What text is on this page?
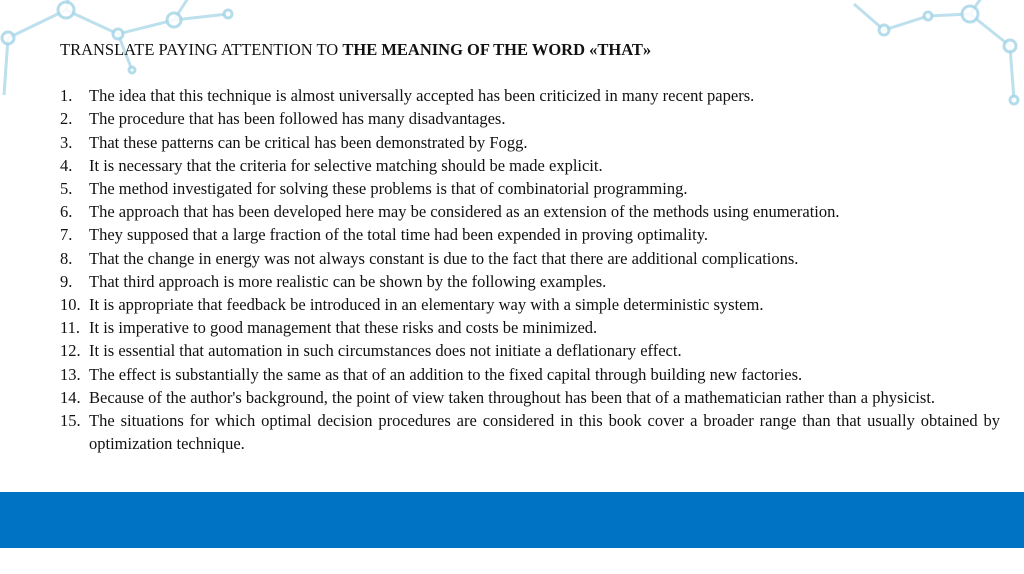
TRANSLATE PAYING ATTENTION TO THE MEANING OF THE WORD «THAT»

1. The idea that this technique is almost universally accepted has been criticized in many recent papers.
2. The procedure that has been followed has many disadvantages.
3. That these patterns can be critical has been demonstrated by Fogg.
4. It is necessary that the criteria for selective matching should be made explicit.
5. The method investigated for solving these problems is that of combinatorial programming.
6. The approach that has been developed here may be considered as an extension of the methods using enumeration.
7. They supposed that a large fraction of the total time had been expended in proving optimality.
8. That the change in energy was not always constant is due to the fact that there are additional complications.
9. That third approach is more realistic can be shown by the following examples.
10. It is appropriate that feedback be introduced in an elementary way with a simple deterministic system.
11. It is imperative to good management that these risks and costs be minimized.
12. It is essential that automation in such circumstances does not initiate a deflationary effect.
13. The effect is substantially the same as that of an addition to the fixed capital through building new factories.
14. Because of the author's background, the point of view taken throughout has been that of a mathematician rather than a physicist.
15. The situations for which optimal decision procedures are considered in this book cover a broader range than that usually obtained by optimization technique.
